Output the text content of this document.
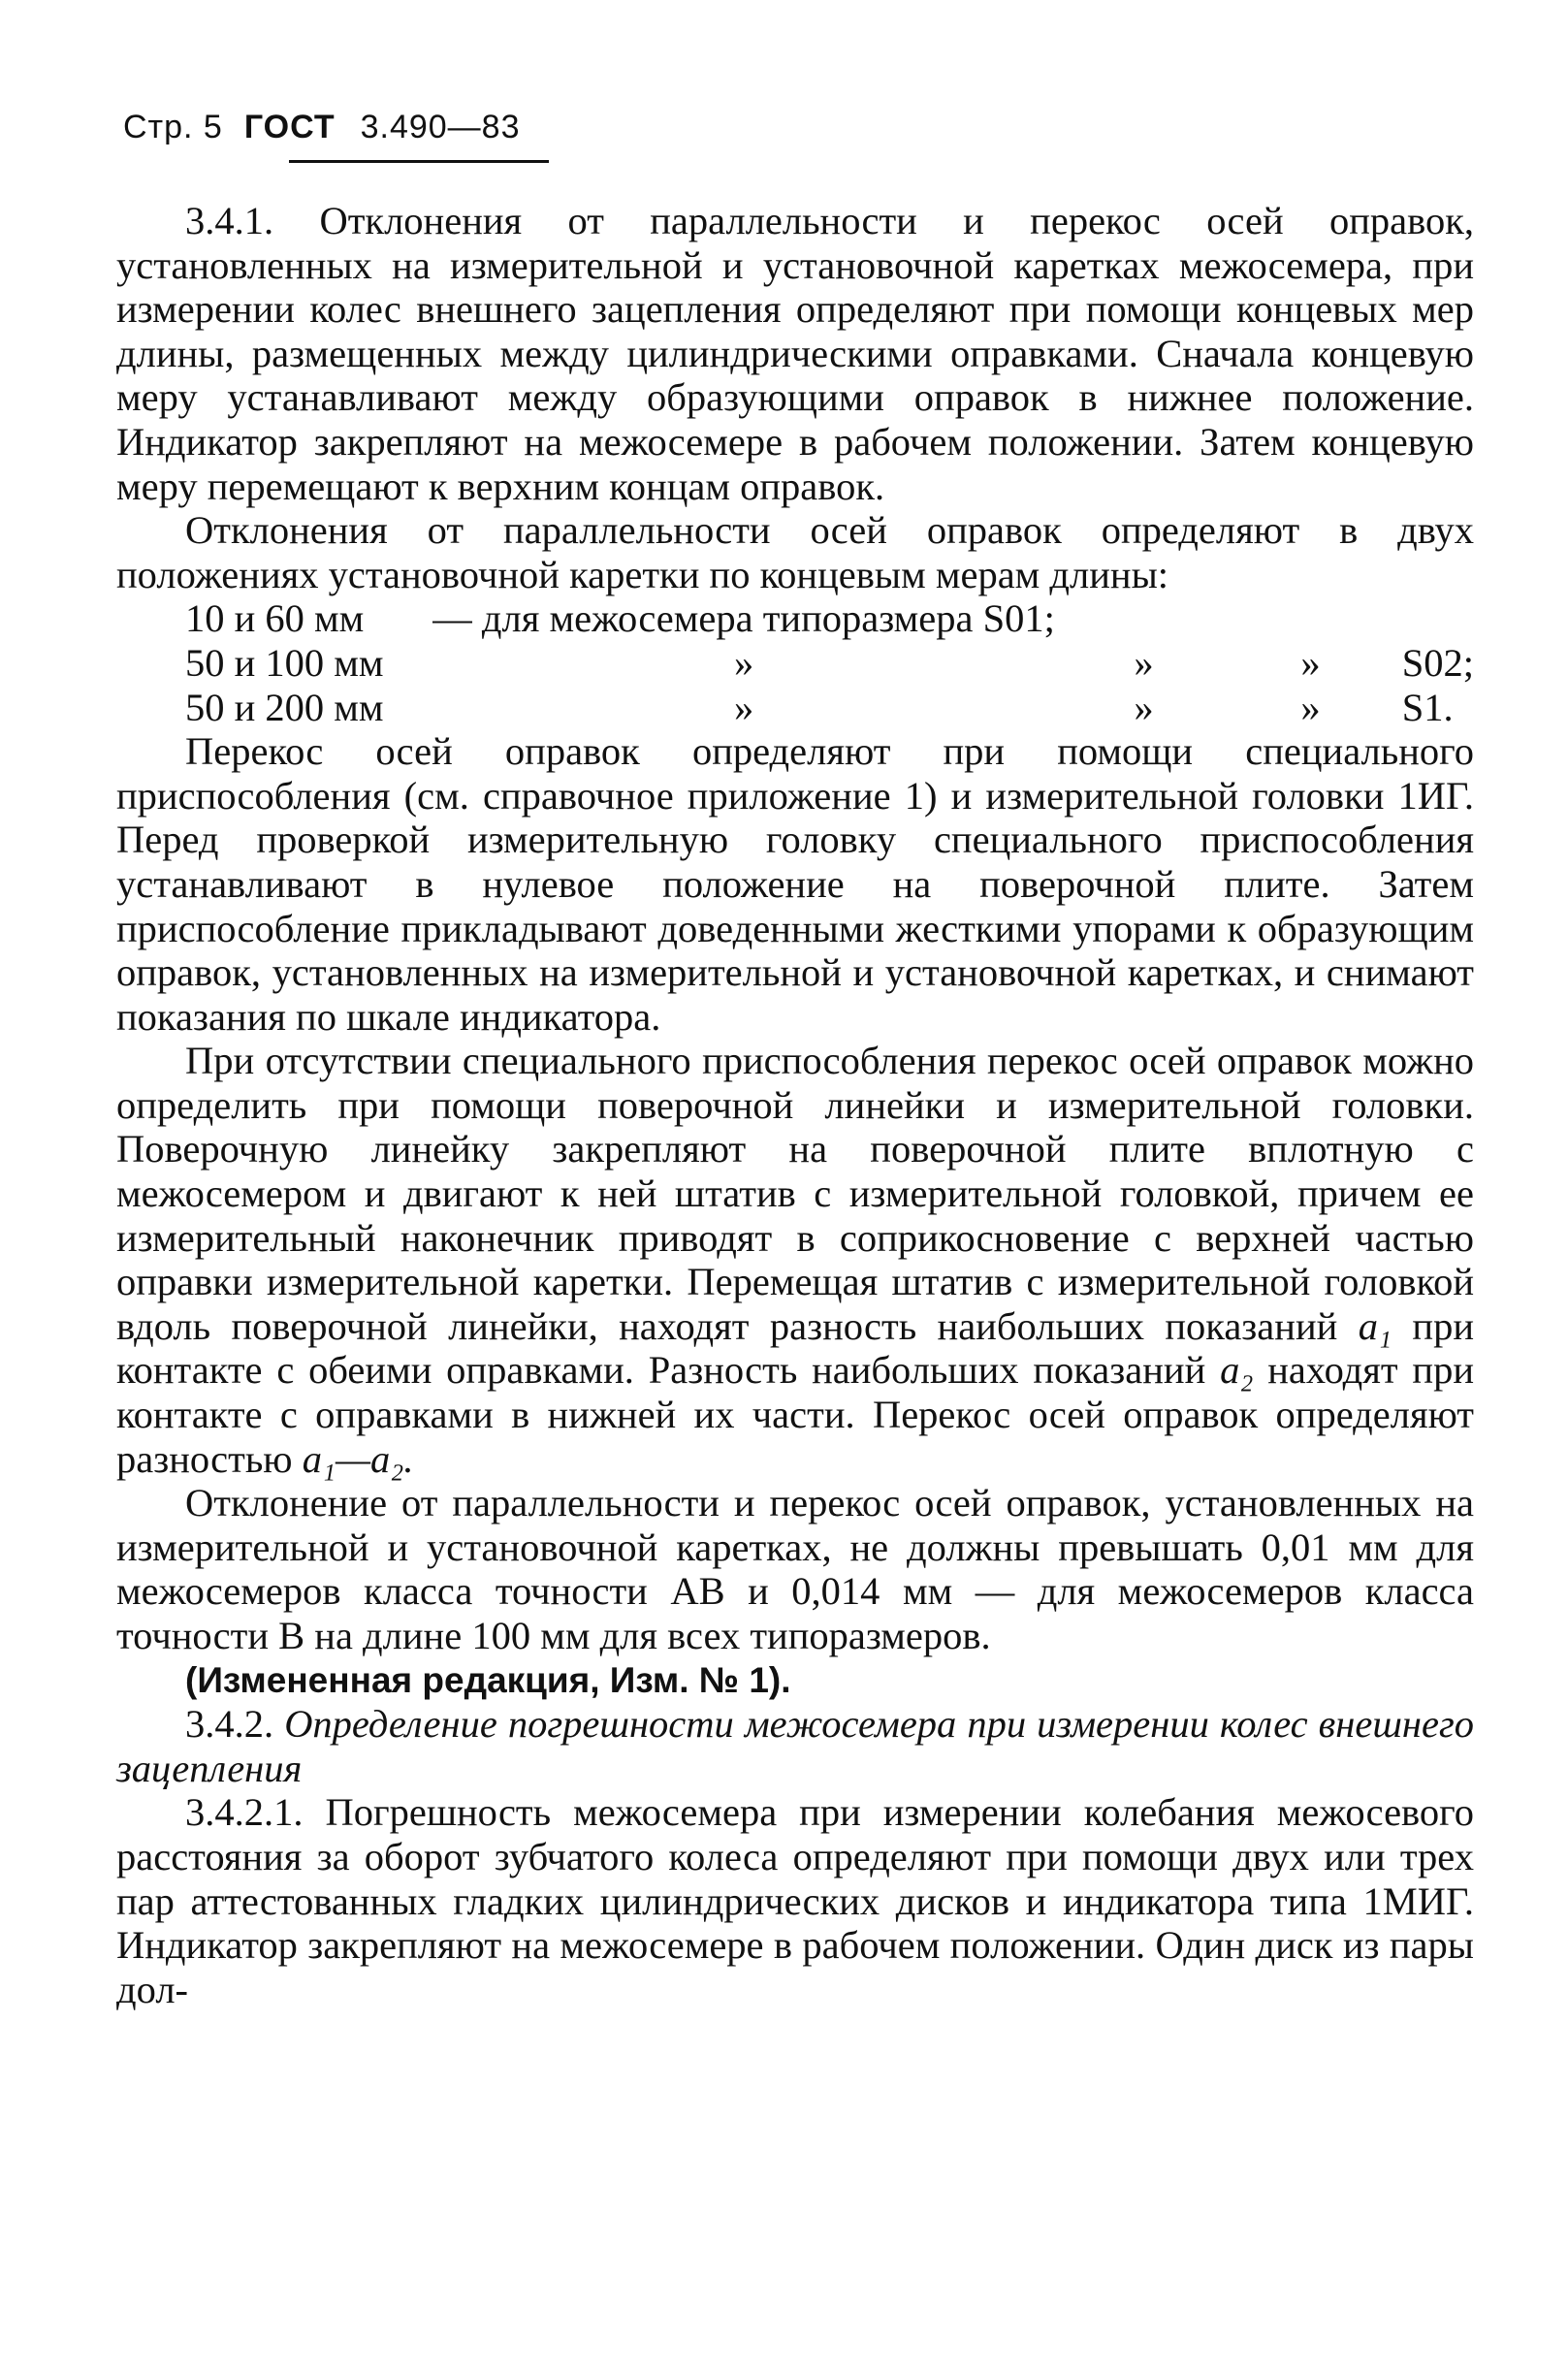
Стр. 5 ГОСТ 3.490—83

3.4.1. Отклонения от параллельности и перекос осей оправок, установленных на измерительной и установочной каретках межосемера, при измерении колес внешнего зацепления определяют при помощи концевых мер длины, размещенных между цилиндрическими оправками. Сначала концевую меру устанавливают между образующими оправок в нижнее положение. Индикатор закрепляют на межосемере в рабочем положении. Затем концевую меру перемещают к верхним концам оправок.

Отклонения от параллельности осей оправок определяют в двух положениях установочной каретки по концевым мерам длины:

10 и 60 мм	— для межосемера типоразмера S01;
50 и 100 мм	»	»	»	S02;
50 и 200 мм	»	»	»	S1.

Перекос осей оправок определяют при помощи специального приспособления (см. справочное приложение 1) и измерительной головки 1ИГ. Перед проверкой измерительную головку специального приспособления устанавливают в нулевое положение на поверочной плите. Затем приспособление прикладывают доведенными жесткими упорами к образующим оправок, установленных на измерительной и установочной каретках, и снимают показания по шкале индикатора.

При отсутствии специального приспособления перекос осей оправок можно определить при помощи поверочной линейки и измерительной головки. Поверочную линейку закрепляют на поверочной плите вплотную с межосемером и двигают к ней штатив с измерительной головкой, причем ее измерительный наконечник приводят в соприкосновение с верхней частью оправки измерительной каретки. Перемещая штатив с измерительной головкой вдоль поверочной линейки, находят разность наибольших показаний a₁ при контакте с обеими оправками. Разность наибольших показаний a₂ находят при контакте с оправками в нижней их части. Перекос осей оправок определяют разностью a₁—a₂.

Отклонение от параллельности и перекос осей оправок, установленных на измерительной и установочной каретках, не должны превышать 0,01 мм для межосемеров класса точности АВ и 0,014 мм — для межосемеров класса точности В на длине 100 мм для всех типоразмеров.

(Измененная редакция, Изм. № 1).

3.4.2. Определение погрешности межосемера при измерении колес внешнего зацепления

3.4.2.1. Погрешность межосемера при измерении колебания межосевого расстояния за оборот зубчатого колеса определяют при помощи двух или трех пар аттестованных гладких цилиндрических дисков и индикатора типа 1МИГ. Индикатор закрепляют на межосемере в рабочем положении. Один диск из пары дол-
